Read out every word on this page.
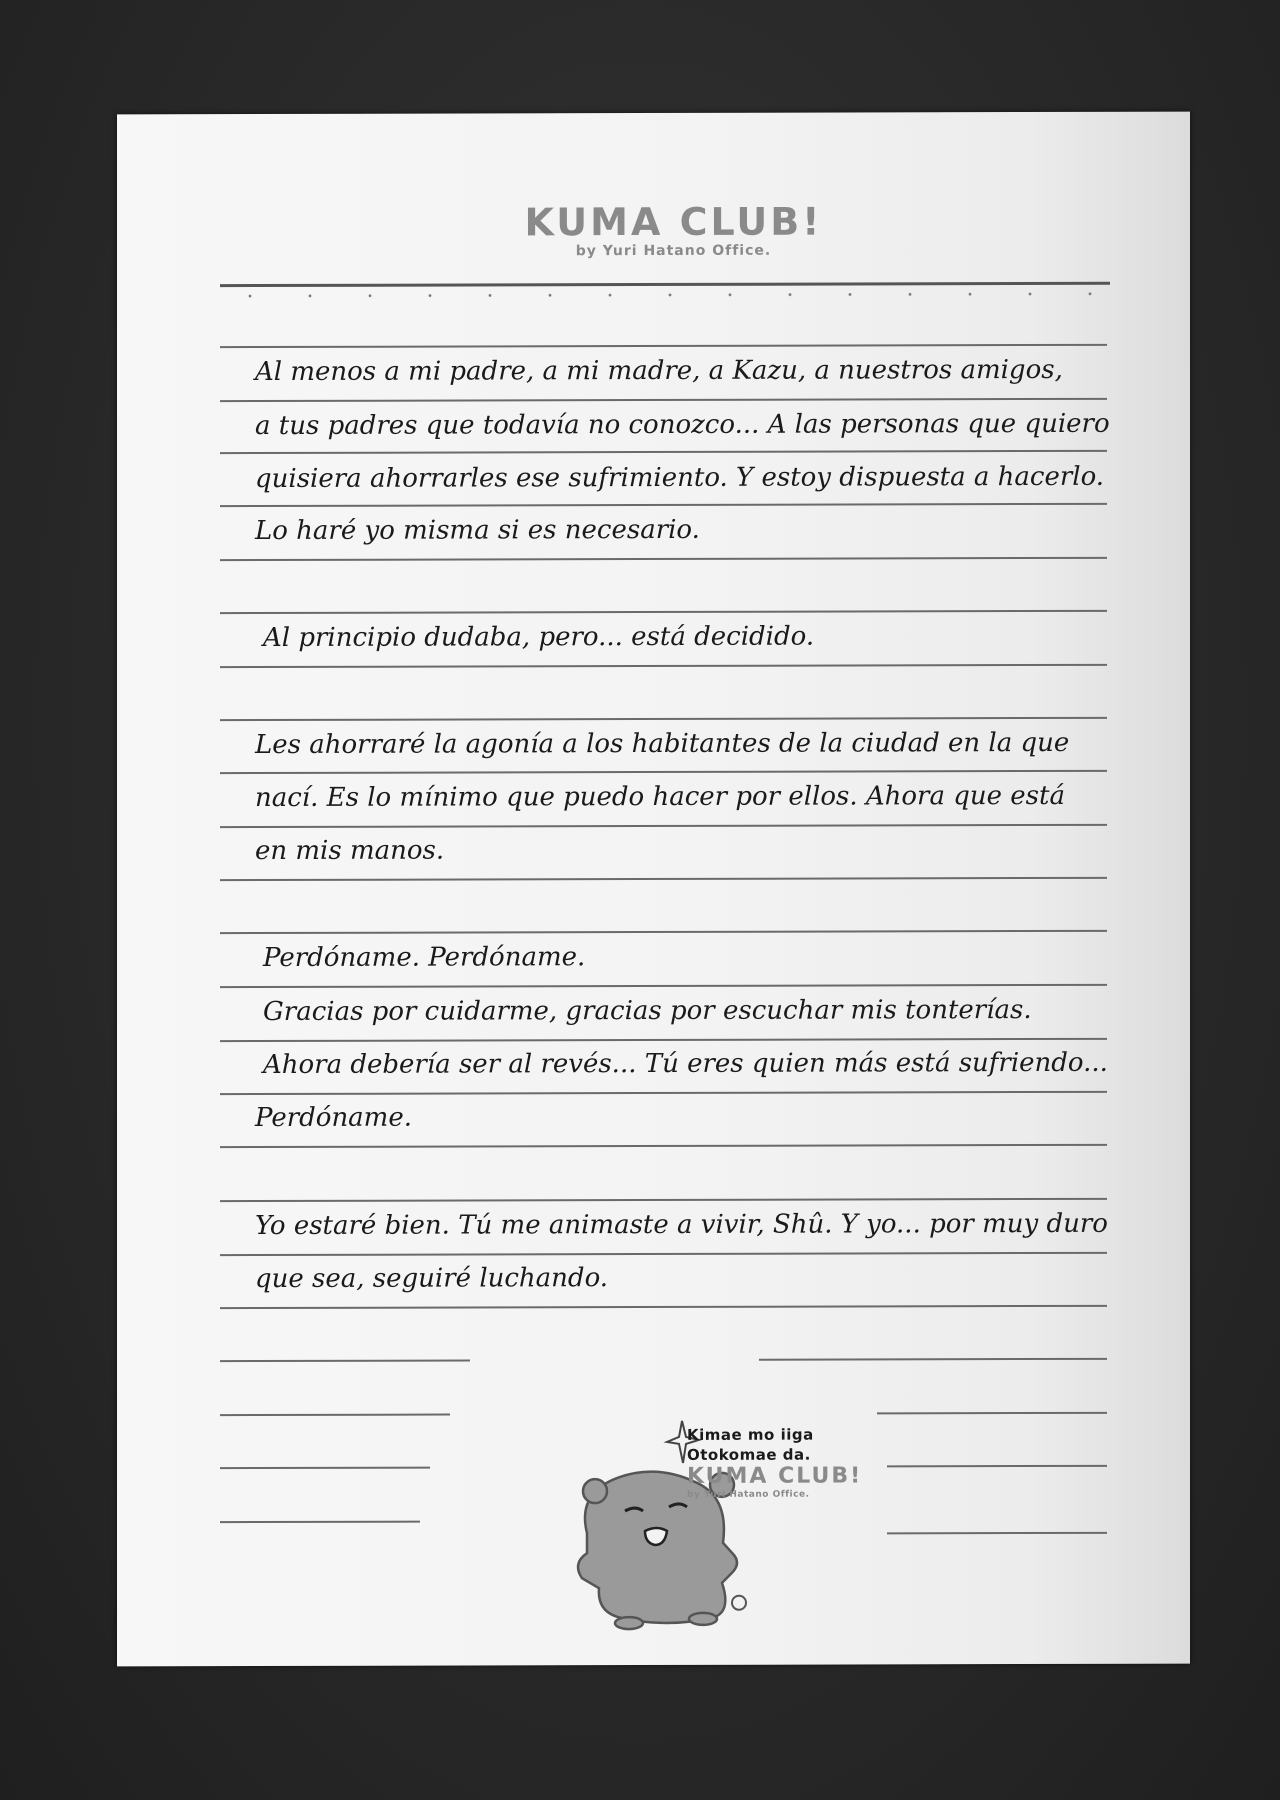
KUMA CLUB!
by Yuri Hatano Office.
Al menos a mi padre, a mi madre, a Kazu, a nuestros amigos,
a tus padres que todavía no conozco... A las personas que quiero
quisiera ahorrarles ese sufrimiento. Y estoy dispuesta a hacerlo.
Lo haré yo misma si es necesario.
Al principio dudaba, pero... está decidido.
Les ahorraré la agonía a los habitantes de la ciudad en la que
nací. Es lo mínimo que puedo hacer por ellos. Ahora que está
en mis manos.
Perdóname. Perdóname.
Gracias por cuidarme, gracias por escuchar mis tonterías.
Ahora debería ser al revés... Tú eres quien más está sufriendo...
Perdóname.
Yo estaré bien. Tú me animaste a vivir, Shû. Y yo... por muy duro
que sea, seguiré luchando.
Kimae mo iiga
Otokomae da.
KUMA CLUB!
by Yuri Hatano Office.
